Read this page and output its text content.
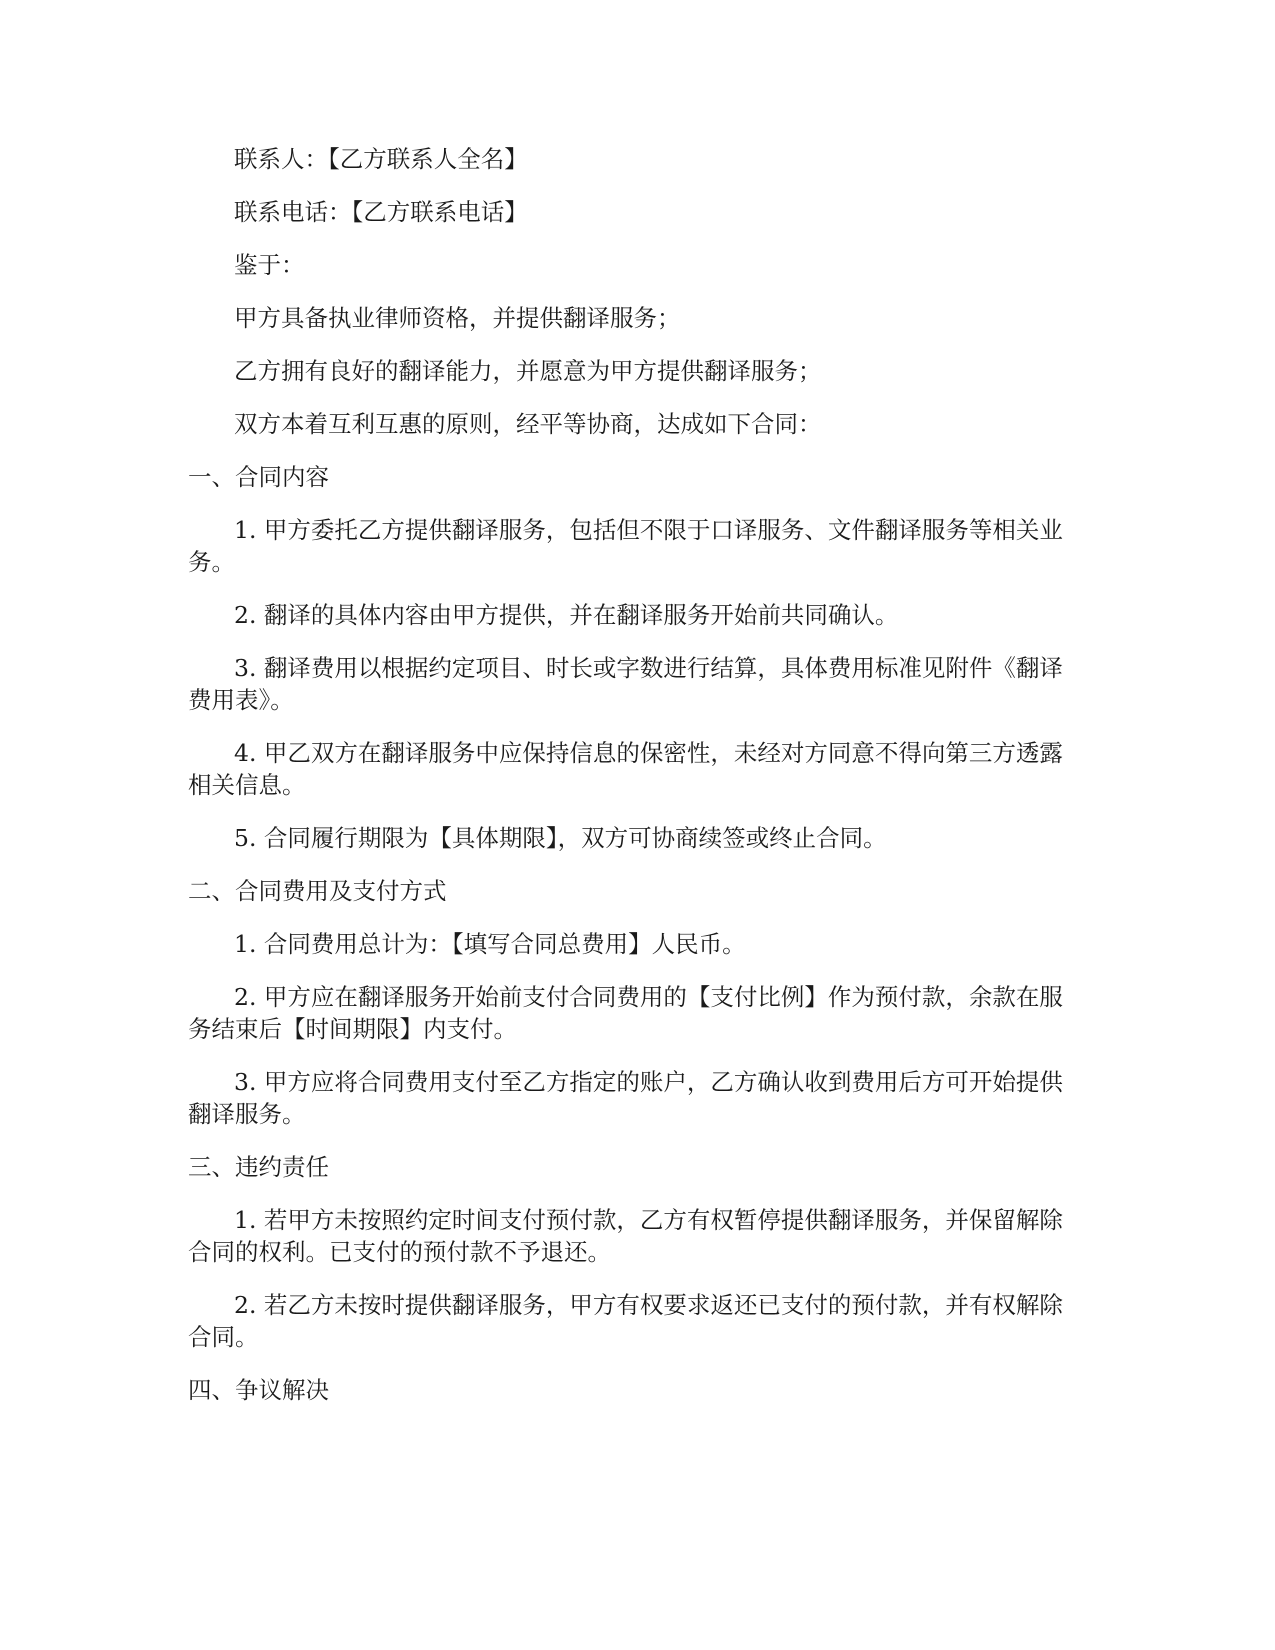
联系人：【乙方联系人全名】

联系电话：【乙方联系电话】

鉴于：

甲方具备执业律师资格，并提供翻译服务；

乙方拥有良好的翻译能力，并愿意为甲方提供翻译服务；

双方本着互利互惠的原则，经平等协商，达成如下合同：

一、合同内容

1. 甲方委托乙方提供翻译服务，包括但不限于口译服务、文件翻译服务等相关业务。

2. 翻译的具体内容由甲方提供，并在翻译服务开始前共同确认。

3. 翻译费用以根据约定项目、时长或字数进行结算，具体费用标准见附件《翻译费用表》。

4. 甲乙双方在翻译服务中应保持信息的保密性，未经对方同意不得向第三方透露相关信息。

5. 合同履行期限为【具体期限】，双方可协商续签或终止合同。

二、合同费用及支付方式

1. 合同费用总计为：【填写合同总费用】人民币。

2. 甲方应在翻译服务开始前支付合同费用的【支付比例】作为预付款，余款在服务结束后【时间期限】内支付。

3. 甲方应将合同费用支付至乙方指定的账户，乙方确认收到费用后方可开始提供翻译服务。

三、违约责任

1. 若甲方未按照约定时间支付预付款，乙方有权暂停提供翻译服务，并保留解除合同的权利。已支付的预付款不予退还。

2. 若乙方未按时提供翻译服务，甲方有权要求返还已支付的预付款，并有权解除合同。

四、争议解决
